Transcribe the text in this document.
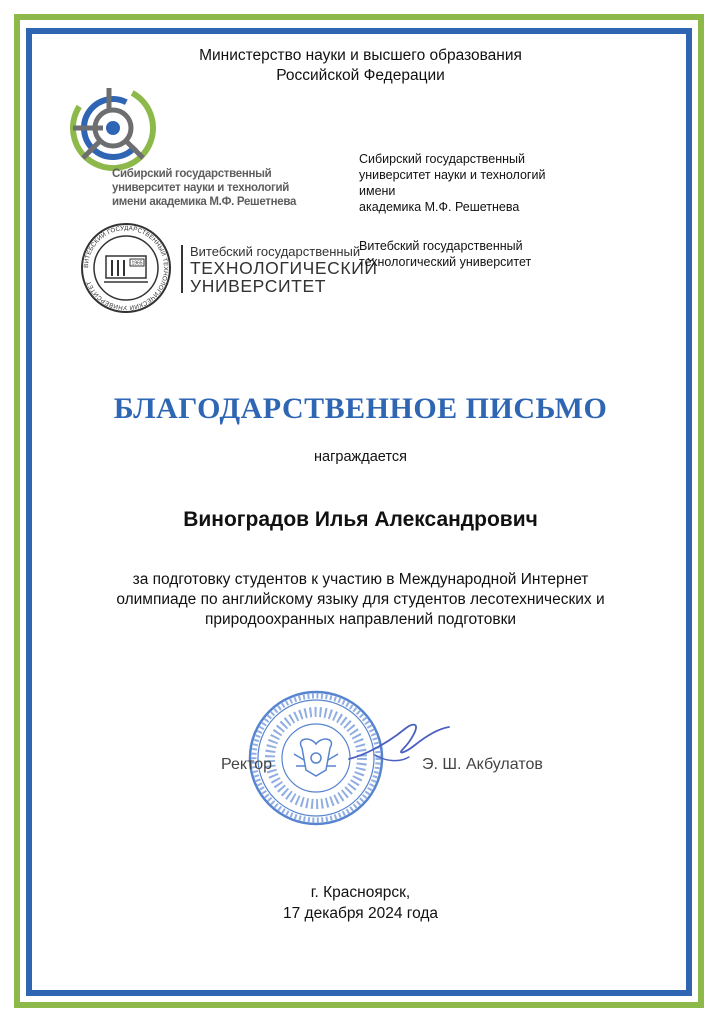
Министерство науки и высшего образования
Российской Федерации
Сибирский государственный
университет науки и технологий
имени академика М.Ф. Решетнева
Сибирский государственный
университет науки и технологий имени
академика М.Ф. Решетнева
ВИТЕБСКИЙ ГОСУДАРСТВЕННЫЙ ТЕХНОЛОГИЧЕСКИЙ УНИВЕРСИТЕТ
1965
Витебский государственный
ТЕХНОЛОГИЧЕСКИЙ
УНИВЕРСИТЕТ
Витебский государственный
технологический университет
БЛАГОДАРСТВЕННОЕ ПИСЬМО
награждается
Виноградов Илья Александрович
за подготовку студентов к участию в Международной Интернет
олимпиаде по английскому языку для студентов лесотехнических и
природоохранных направлений подготовки
Ректор	Э. Ш. Акбулатов
г. Красноярск,
17 декабря 2024 года
